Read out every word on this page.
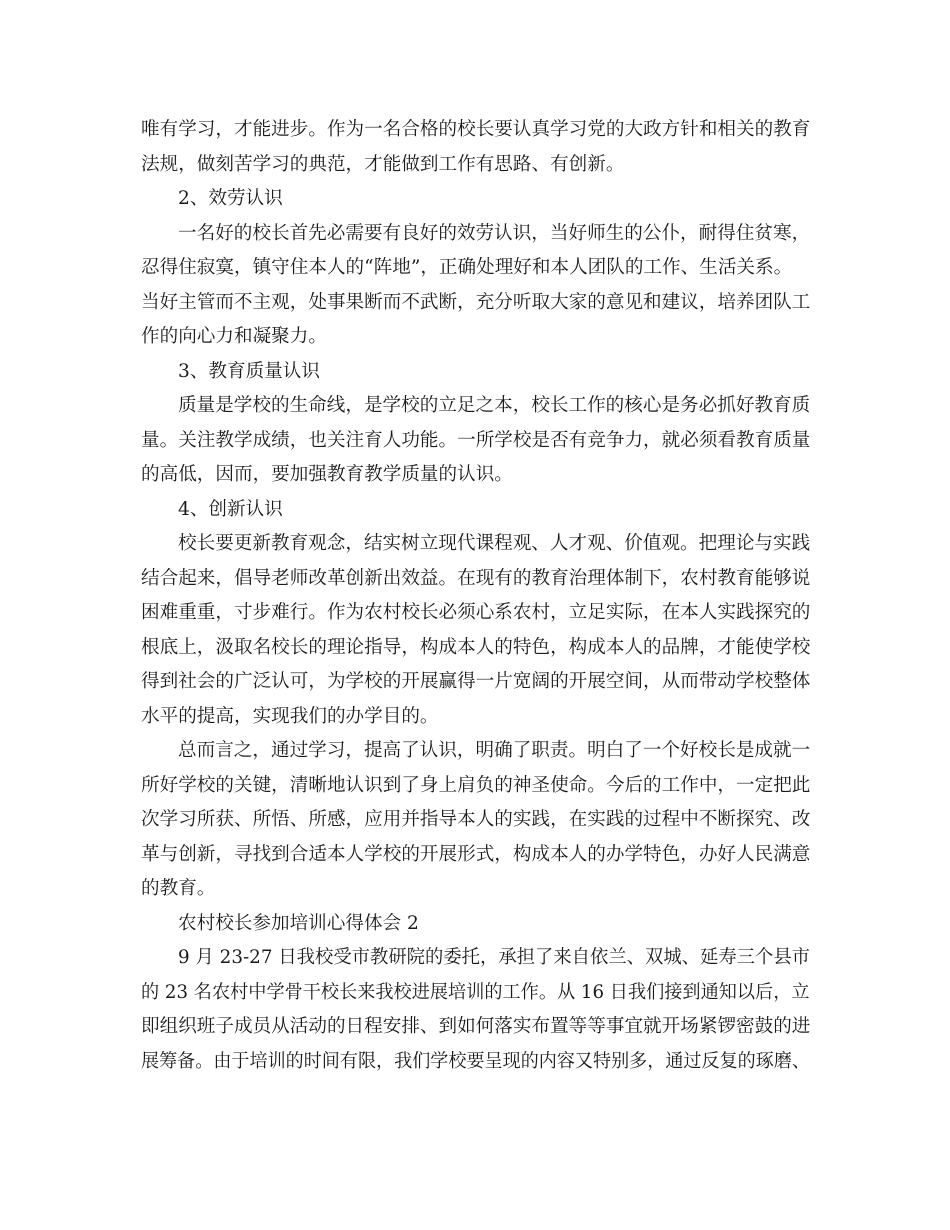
唯有学习，才能进步。作为一名合格的校长要认真学习党的大政方针和相关的教育
法规，做刻苦学习的典范，才能做到工作有思路、有创新。
2、效劳认识
一名好的校长首先必需要有良好的效劳认识，当好师生的公仆，耐得住贫寒，
忍得住寂寞，镇守住本人的“阵地”，正确处理好和本人团队的工作、生活关系。
当好主管而不主观，处事果断而不武断，充分听取大家的意见和建议，培养团队工
作的向心力和凝聚力。
3、教育质量认识
质量是学校的生命线，是学校的立足之本，校长工作的核心是务必抓好教育质
量。关注教学成绩，也关注育人功能。一所学校是否有竞争力，就必须看教育质量
的高低，因而，要加强教育教学质量的认识。
4、创新认识
校长要更新教育观念，结实树立现代课程观、人才观、价值观。把理论与实践
结合起来，倡导老师改革创新出效益。在现有的教育治理体制下，农村教育能够说
困难重重，寸步难行。作为农村校长必须心系农村，立足实际，在本人实践探究的
根底上，汲取名校长的理论指导，构成本人的特色，构成本人的品牌，才能使学校
得到社会的广泛认可，为学校的开展赢得一片宽阔的开展空间，从而带动学校整体
水平的提高，实现我们的办学目的。
总而言之，通过学习，提高了认识，明确了职责。明白了一个好校长是成就一
所好学校的关键，清晰地认识到了身上肩负的神圣使命。今后的工作中，一定把此
次学习所获、所悟、所感，应用并指导本人的实践，在实践的过程中不断探究、改
革与创新，寻找到合适本人学校的开展形式，构成本人的办学特色，办好人民满意
的教育。
农村校长参加培训心得体会 2
9 月 23-27 日我校受市教研院的委托，承担了来自依兰、双城、延寿三个县市
的 23 名农村中学骨干校长来我校进展培训的工作。从 16 日我们接到通知以后，立
即组织班子成员从活动的日程安排、到如何落实布置等等事宜就开场紧锣密鼓的进
展筹备。由于培训的时间有限，我们学校要呈现的内容又特别多，通过反复的琢磨、
